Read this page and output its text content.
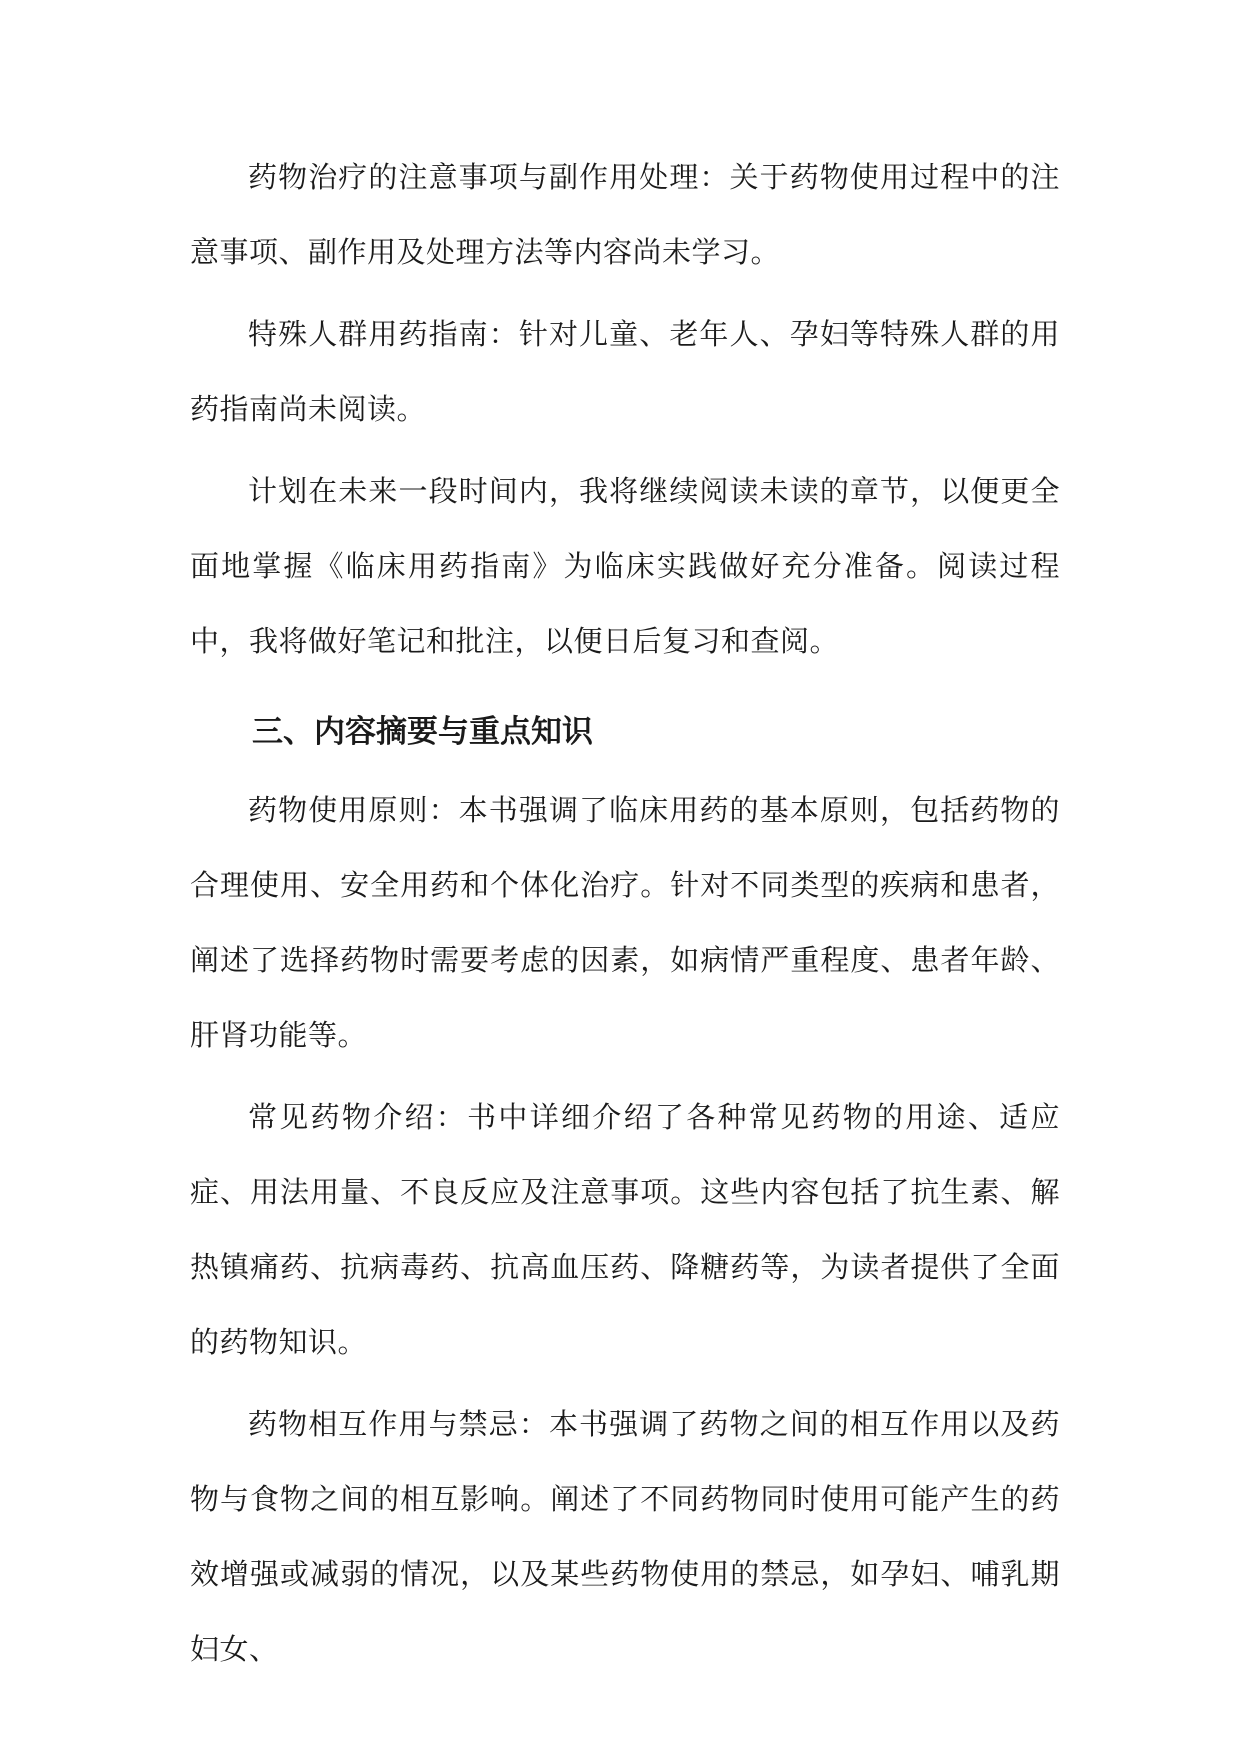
药物治疗的注意事项与副作用处理：关于药物使用过程中的注意事项、副作用及处理方法等内容尚未学习。

特殊人群用药指南：针对儿童、老年人、孕妇等特殊人群的用药指南尚未阅读。

计划在未来一段时间内，我将继续阅读未读的章节，以便更全面地掌握《临床用药指南》为临床实践做好充分准备。阅读过程中，我将做好笔记和批注，以便日后复习和查阅。

三、内容摘要与重点知识

药物使用原则：本书强调了临床用药的基本原则，包括药物的合理使用、安全用药和个体化治疗。针对不同类型的疾病和患者，阐述了选择药物时需要考虑的因素，如病情严重程度、患者年龄、肝肾功能等。

常见药物介绍：书中详细介绍了各种常见药物的用途、适应症、用法用量、不良反应及注意事项。这些内容包括了抗生素、解热镇痛药、抗病毒药、抗高血压药、降糖药等，为读者提供了全面的药物知识。

药物相互作用与禁忌：本书强调了药物之间的相互作用以及药物与食物之间的相互影响。阐述了不同药物同时使用可能产生的药效增强或减弱的情况，以及某些药物使用的禁忌，如孕妇、哺乳期妇女、
